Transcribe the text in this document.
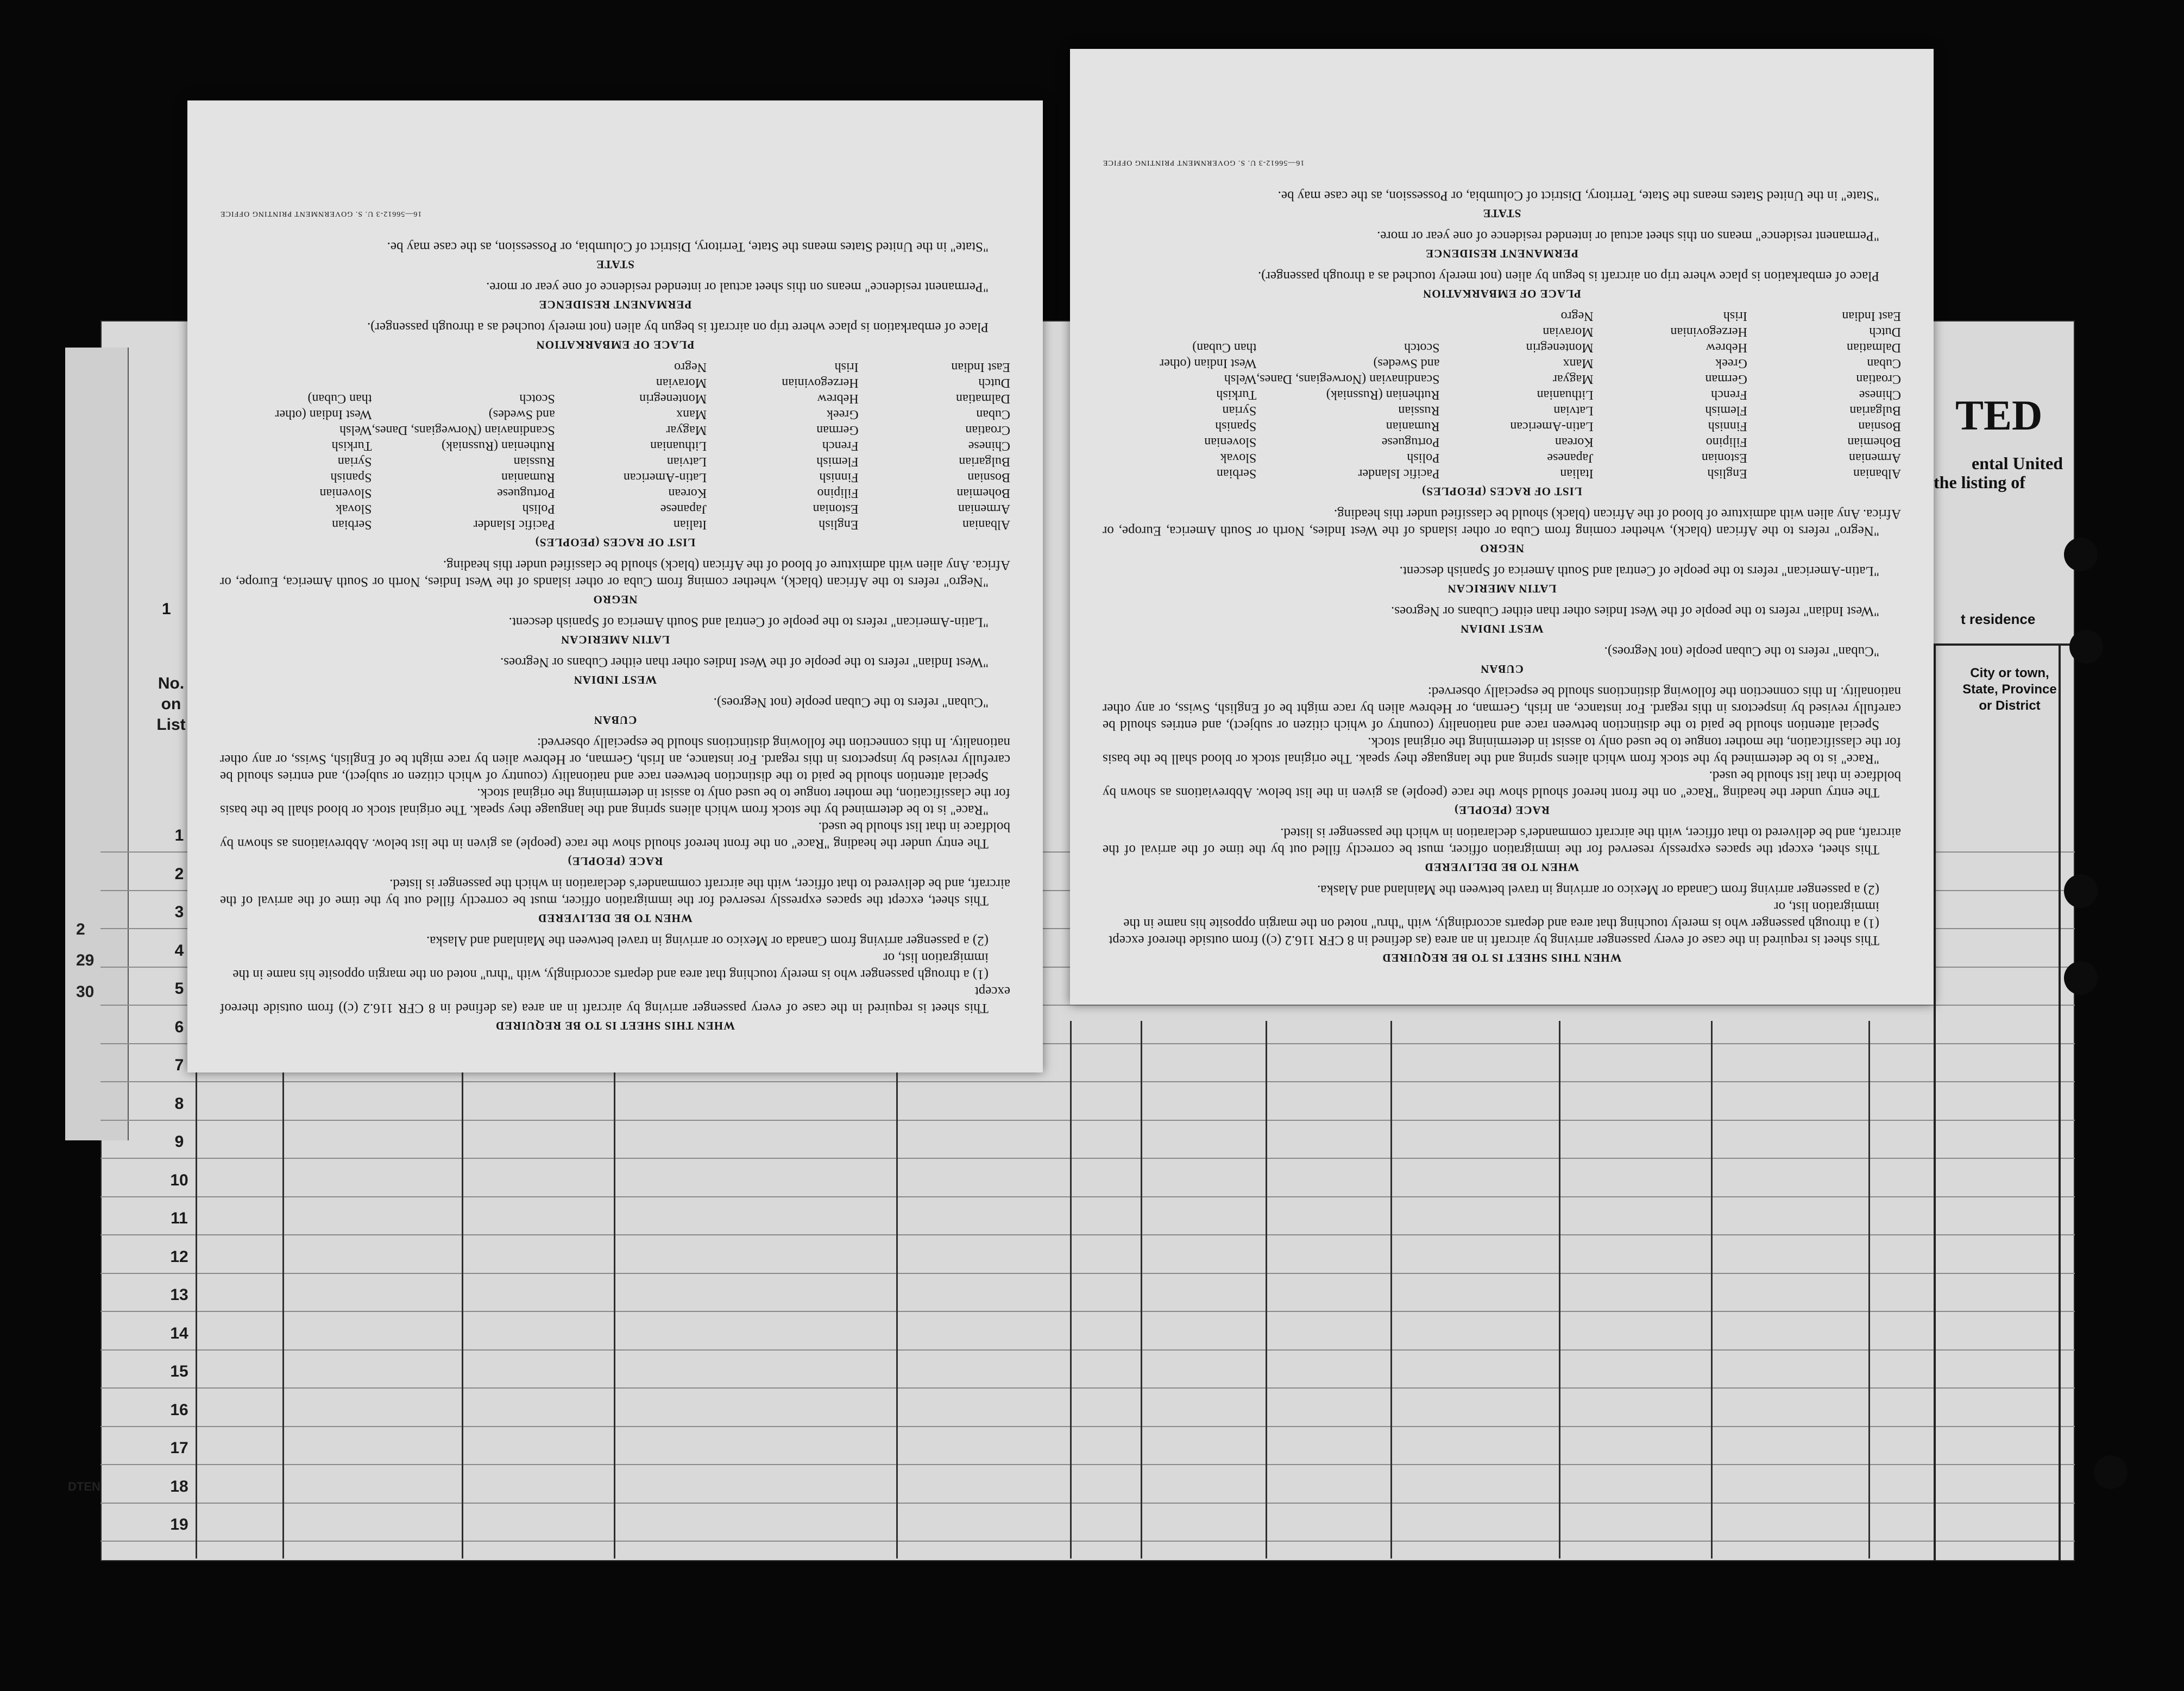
2
29
30
DTEN
1
No.
on
List
1
2
3
4
5
6
7
8
9
10
11
12
13
14
15
16
17
18
19
TED
ental United
the listing of
t residence
City or town,
State, Province
or District
WHEN THIS SHEET IS TO BE REQUIRED

This sheet is required in the case of every passenger arriving by aircraft in an area (as defined in 8 CFR 116.2 (c)) from outside thereof except

(1) a through passenger who is merely touching that area and departs accordingly, with "thru" noted on the margin opposite his name in the immigration list, or

(2) a passenger arriving from Canada or Mexico or arriving in travel between the Mainland and Alaska.

WHEN TO BE DELIVERED

This sheet, except the spaces expressly reserved for the immigration officer, must be correctly filled out by the time of the arrival of the aircraft, and be delivered to that officer, with the aircraft commander's declaration in which the passenger is listed.

RACE (PEOPLE)

The entry under the heading "Race" on the front hereof should show the race (people) as given in the list below. Abbreviations as shown by boldface in that list should be used.

"Race" is to be determined by the stock from which aliens spring and the language they speak. The original stock or blood shall be the basis for the classification, the mother tongue to be used only to assist in determining the original stock.

Special attention should be paid to the distinction between race and nationality (country of which citizen or subject), and entries should be carefully revised by inspectors in this regard. For instance, an Irish, German, or Hebrew alien by race might be of English, Swiss, or any other nationality. In this connection the following distinctions should be especially observed:

CUBAN

"Cuban" refers to the Cuban people (not Negroes).

WEST INDIAN

"West Indian" refers to the people of the West Indies other than either Cubans or Negroes.

LATIN AMERICAN

"Latin-American" refers to the people of Central and South America of Spanish descent.

NEGRO

"Negro" refers to the African (black), whether coming from Cuba or other islands of the West Indies, North or South America, Europe, or Africa. Any alien with admixture of blood of the African (black) should be classified under this heading.

LIST OF RACES (PEOPLES)
Albanian
Armenian
Bohemian
Bosnian
Bulgarian
Chinese
Croatian
Cuban
Dalmatian
Dutch
East Indian
English
Estonian
Filipino
Finnish
Flemish
French
German
Greek
Hebrew
Herzegovinian
Irish
Italian
Japanese
Korean
Latin-American
Latvian
Lithuanian
Magyar
Manx
Montenegrin
Moravian
Negro
Pacific Islander
Polish
Portuguese
Rumanian
Russian
Ruthenian (Russniak)
Scandinavian (Norwegians, Danes,
and Swedes)
Scotch

Serbian
Slovak
Slovenian
Spanish
Syrian
Turkish
Welsh
West Indian (other
than Cuban)

PLACE OF EMBARKATION

Place of embarkation is place where trip on aircraft is begun by alien (not merely touched as a through passenger).

PERMANENT RESIDENCE

"Permanent residence" means on this sheet actual or intended residence of one year or more.

STATE

"State" in the United States means the State, Territory, District of Columbia, or Possession, as the case may be.

16—56612-3 U. S. GOVERNMENT PRINTING OFFICE
WHEN THIS SHEET IS TO BE REQUIRED

This sheet is required in the case of every passenger arriving by aircraft in an area (as defined in 8 CFR 116.2 (c)) from outside thereof except

(1) a through passenger who is merely touching that area and departs accordingly, with "thru" noted on the margin opposite his name in the immigration list, or

(2) a passenger arriving from Canada or Mexico or arriving in travel between the Mainland and Alaska.

WHEN TO BE DELIVERED

This sheet, except the spaces expressly reserved for the immigration officer, must be correctly filled out by the time of the arrival of the aircraft, and be delivered to that officer, with the aircraft commander's declaration in which the passenger is listed.

RACE (PEOPLE)

The entry under the heading "Race" on the front hereof should show the race (people) as given in the list below. Abbreviations as shown by boldface in that list should be used.

"Race" is to be determined by the stock from which aliens spring and the language they speak. The original stock or blood shall be the basis for the classification, the mother tongue to be used only to assist in determining the original stock.

Special attention should be paid to the distinction between race and nationality (country of which citizen or subject), and entries should be carefully revised by inspectors in this regard. For instance, an Irish, German, or Hebrew alien by race might be of English, Swiss, or any other nationality. In this connection the following distinctions should be especially observed:

CUBAN

"Cuban" refers to the Cuban people (not Negroes).

WEST INDIAN

"West Indian" refers to the people of the West Indies other than either Cubans or Negroes.

LATIN AMERICAN

"Latin-American" refers to the people of Central and South America of Spanish descent.

NEGRO

"Negro" refers to the African (black), whether coming from Cuba or other islands of the West Indies, North or South America, Europe, or Africa. Any alien with admixture of blood of the African (black) should be classified under this heading.

LIST OF RACES (PEOPLES)
Albanian
Armenian
Bohemian
Bosnian
Bulgarian
Chinese
Croatian
Cuban
Dalmatian
Dutch
East Indian
English
Estonian
Filipino
Finnish
Flemish
French
German
Greek
Hebrew
Herzegovinian
Irish
Italian
Japanese
Korean
Latin-American
Latvian
Lithuanian
Magyar
Manx
Montenegrin
Moravian
Negro
Pacific Islander
Polish
Portuguese
Rumanian
Russian
Ruthenian (Russniak)
Scandinavian (Norwegians, Danes,
and Swedes)
Scotch

Serbian
Slovak
Slovenian
Spanish
Syrian
Turkish
Welsh
West Indian (other
than Cuban)

PLACE OF EMBARKATION

Place of embarkation is place where trip on aircraft is begun by alien (not merely touched as a through passenger).

PERMANENT RESIDENCE

"Permanent residence" means on this sheet actual or intended residence of one year or more.

STATE

"State" in the United States means the State, Territory, District of Columbia, or Possession, as the case may be.

16—56612-3 U. S. GOVERNMENT PRINTING OFFICE
